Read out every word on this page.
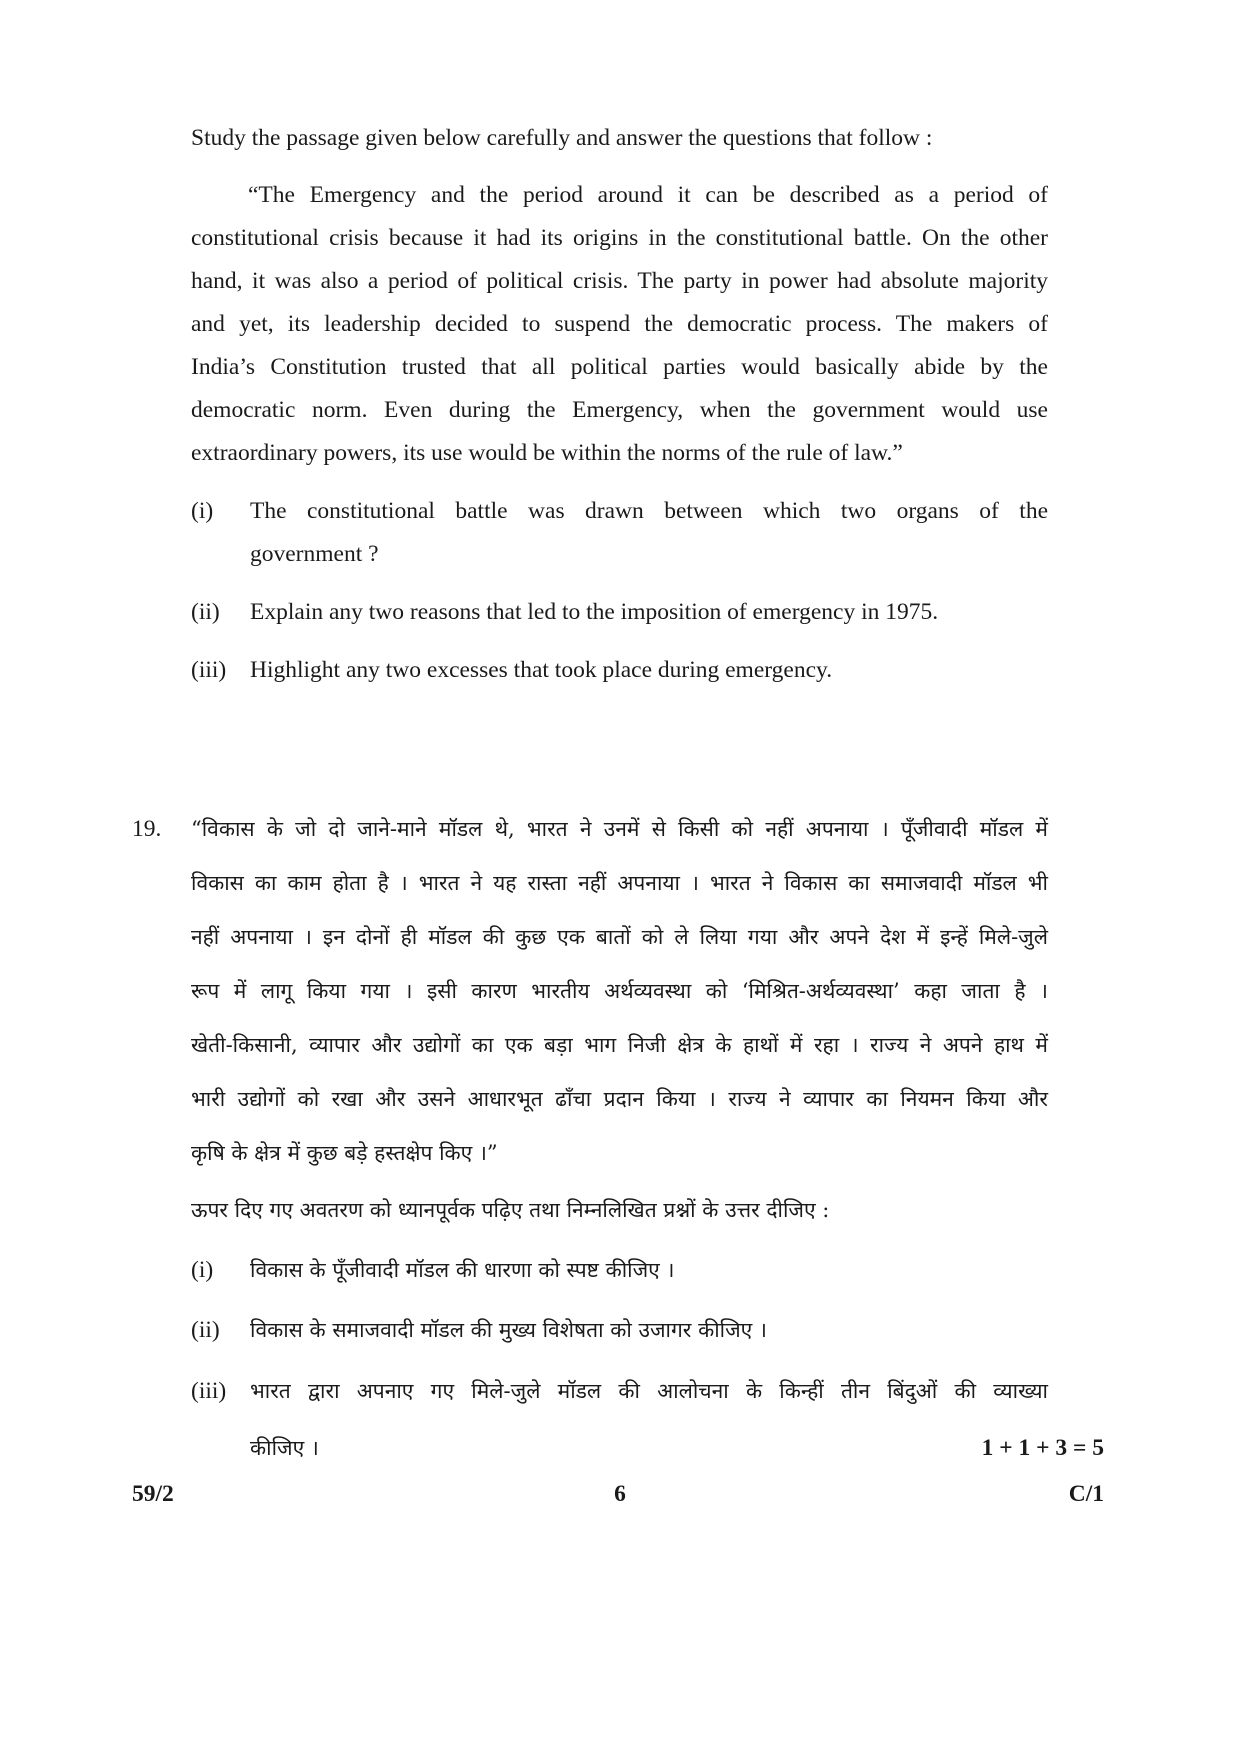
Study the passage given below carefully and answer the questions that follow :
“The Emergency and the period around it can be described as a period of
constitutional crisis because it had its origins in the constitutional battle. On the other
hand, it was also a period of political crisis. The party in power had absolute majority
and yet, its leadership decided to suspend the democratic process. The makers of
India’s Constitution trusted that all political parties would basically abide by the
democratic norm. Even during the Emergency, when the government would use
extraordinary powers, its use would be within the norms of the rule of law.”
(i) The constitutional battle was drawn between which two organs of the
government ?
(ii) Explain any two reasons that led to the imposition of emergency in 1975.
(iii) Highlight any two excesses that took place during emergency.
19. “विकास के जो दो जाने-माने मॉडल थे, भारत ने उनमें से किसी को नहीं अपनाया । पूँजीवादी मॉडल में
विकास का काम होता है । भारत ने यह रास्ता नहीं अपनाया । भारत ने विकास का समाजवादी मॉडल भी
नहीं अपनाया । इन दोनों ही मॉडल की कुछ एक बातों को ले लिया गया और अपने देश में इन्हें मिले-जुले
रूप में लागू किया गया । इसी कारण भारतीय अर्थव्यवस्था को ‘मिश्रित-अर्थव्यवस्था’ कहा जाता है ।
खेती-किसानी, व्यापार और उद्योगों का एक बड़ा भाग निजी क्षेत्र के हाथों में रहा । राज्य ने अपने हाथ में
भारी उद्योगों को रखा और उसने आधारभूत ढाँचा प्रदान किया । राज्य ने व्यापार का नियमन किया और
कृषि के क्षेत्र में कुछ बड़े हस्तक्षेप किए ।”
ऊपर दिए गए अवतरण को ध्यानपूर्वक पढ़िए तथा निम्नलिखित प्रश्नों के उत्तर दीजिए :
(i) विकास के पूँजीवादी मॉडल की धारणा को स्पष्ट कीजिए ।
(ii) विकास के समाजवादी मॉडल की मुख्य विशेषता को उजागर कीजिए ।
(iii) भारत द्वारा अपनाए गए मिले-जुले मॉडल की आलोचना के किन्हीं तीन बिंदुओं की व्याख्या
कीजिए ।	1 + 1 + 3 = 5
59/2	6	C/1
